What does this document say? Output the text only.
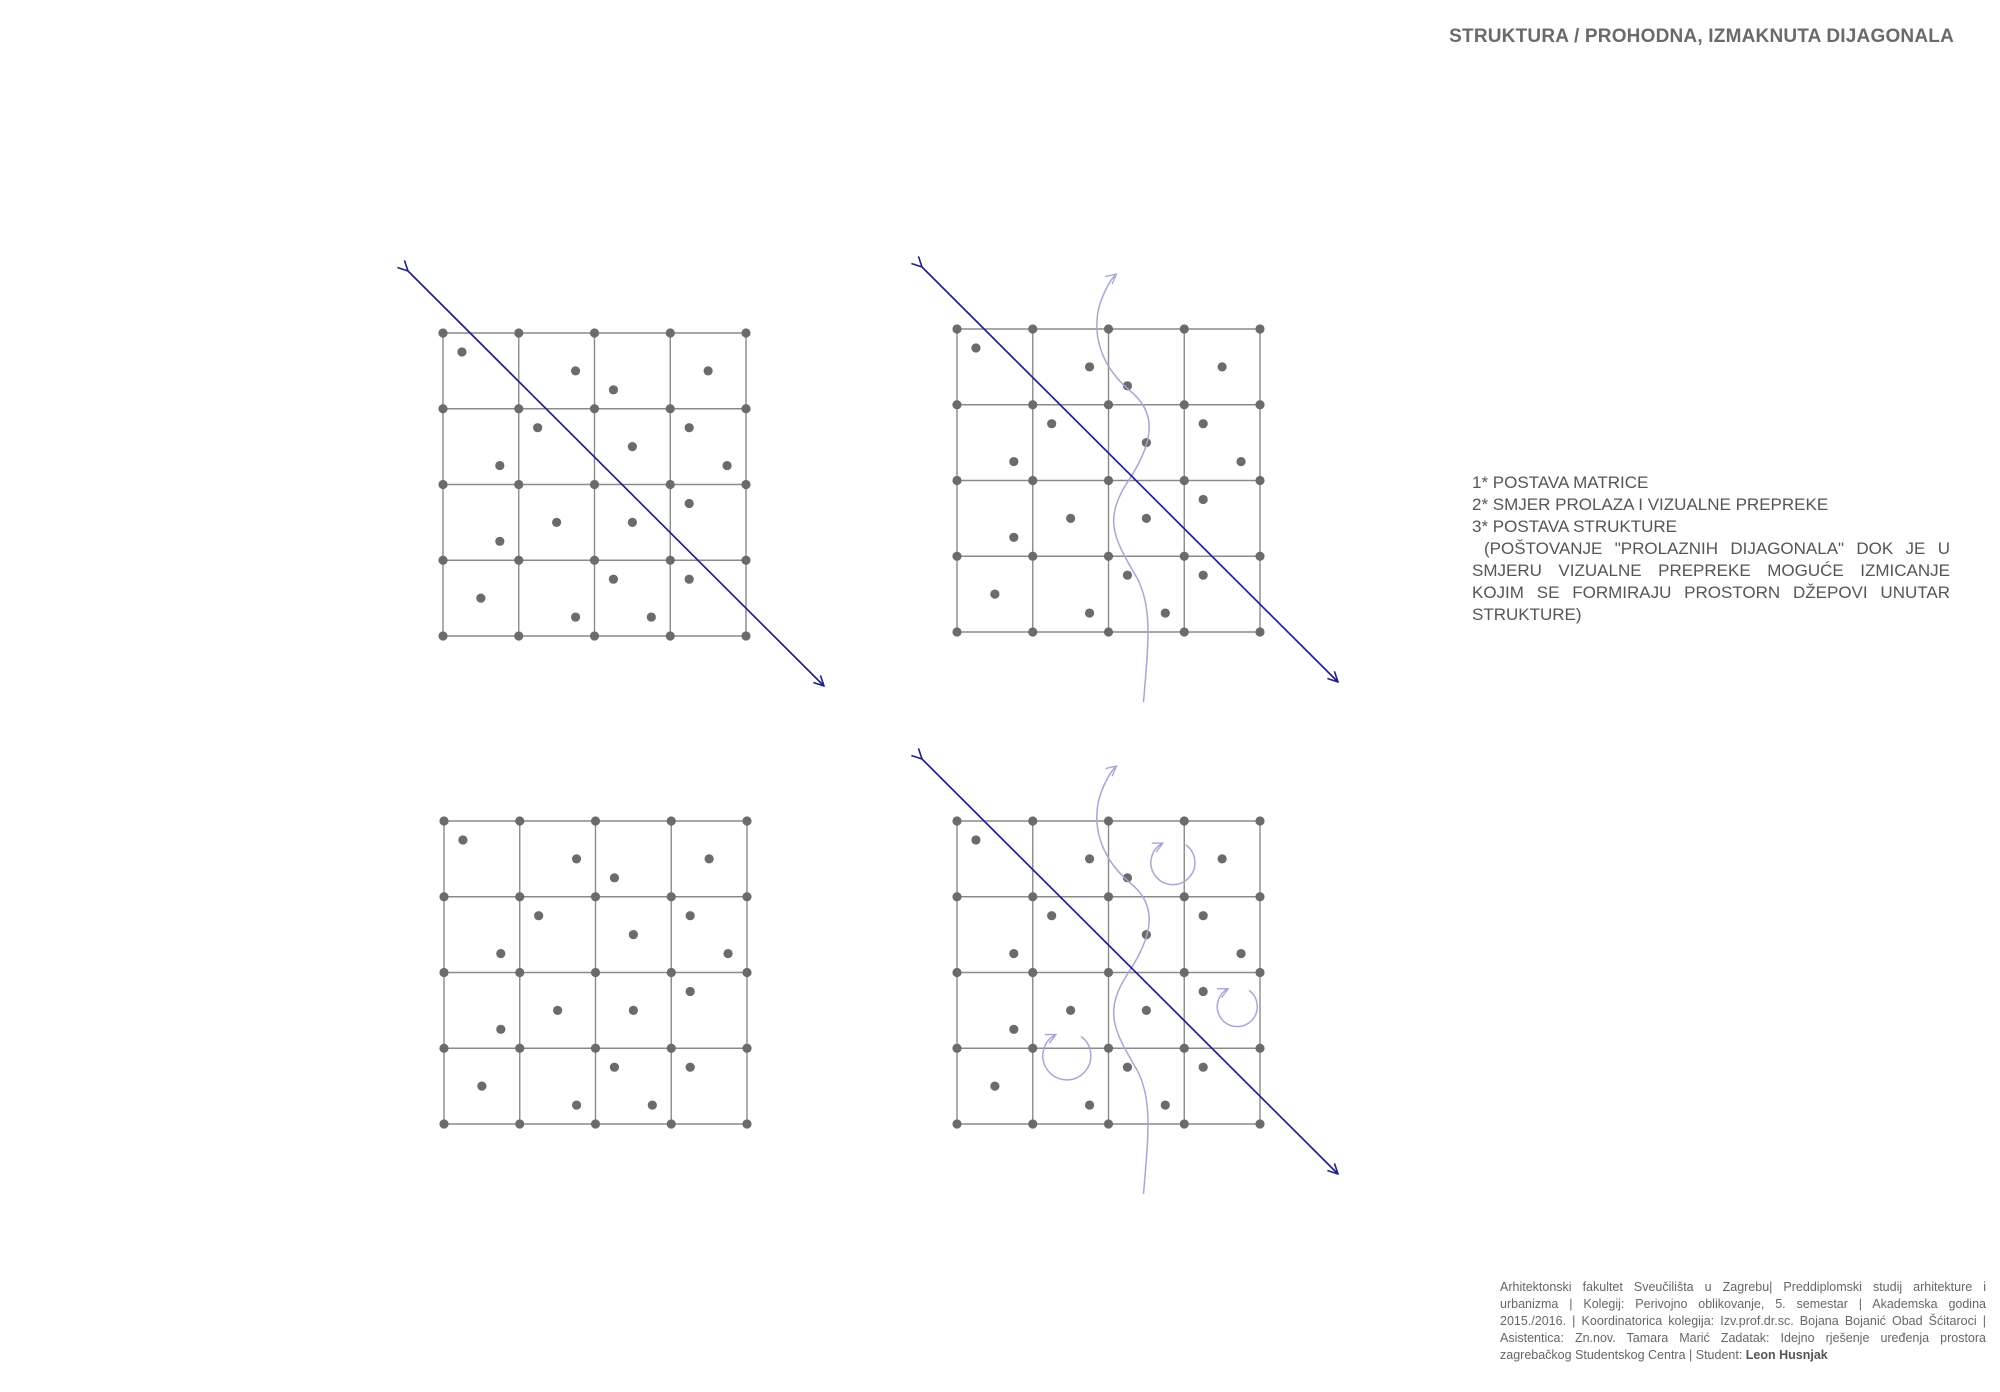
STRUKTURA / PROHODNA, IZMAKNUTA DIJAGONALA
1* POSTAVA MATRICE
2* SMJER PROLAZA I VIZUALNE PREPREKE
3* POSTAVA STRUKTURE
(POŠTOVANJE "PROLAZNIH DIJAGONALA" DOK JE U SMJERU VIZUALNE PREPREKE MOGUĆE IZMICANJE KOJIM SE FORMIRAJU PROSTORN DŽEPOVI UNUTAR STRUKTURE)
Arhitektonski fakultet Sveučilišta u Zagrebu| Preddiplomski studij arhitekture i urbanizma | Kolegij: Perivojno oblikovanje, 5. semestar | Akademska godina 2015./2016. | Koordinatorica kolegija: Izv.prof.dr.sc. Bojana Bojanić Obad Šćitaroci | Asistentica: Zn.nov. Tamara Marić Zadatak: Idejno rješenje uređenja prostora zagrebačkog Studentskog Centra | Student: Leon Husnjak
